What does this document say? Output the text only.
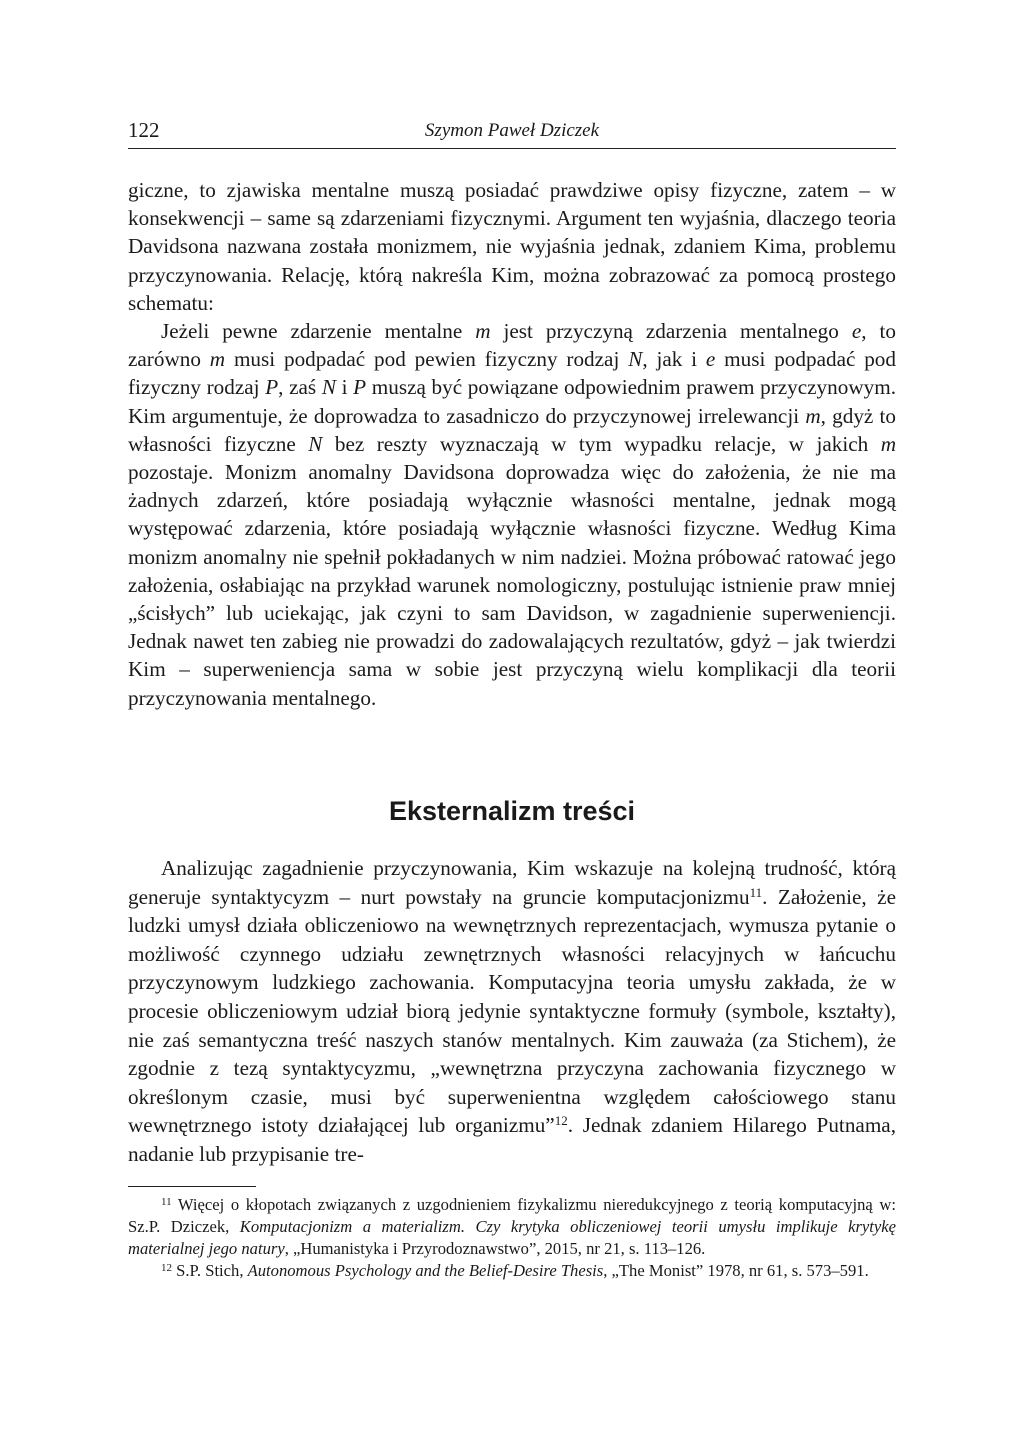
122	Szymon Paweł Dziczek

giczne, to zjawiska mentalne muszą posiadać prawdziwe opisy fizyczne, zatem – w konsekwencji – same są zdarzeniami fizycznymi. Argument ten wyjaśnia, dlaczego teoria Davidsona nazwana została monizmem, nie wyjaśnia jednak, zdaniem Kima, problemu przyczynowania. Relację, którą nakreśla Kim, można zobrazować za pomocą prostego schematu:

Jeżeli pewne zdarzenie mentalne m jest przyczyną zdarzenia mentalnego e, to zarówno m musi podpadać pod pewien fizyczny rodzaj N, jak i e musi podpadać pod fizyczny rodzaj P, zaś N i P muszą być powiązane odpowiednim prawem przyczynowym. Kim argumentuje, że doprowadza to zasadniczo do przyczynowej irrelewancji m, gdyż to własności fizyczne N bez reszty wyznaczają w tym wypadku relacje, w jakich m pozostaje. Monizm anomalny Davidsona doprowadza więc do założenia, że nie ma żadnych zdarzeń, które posiadają wyłącznie własności mentalne, jednak mogą występować zdarzenia, które posiadają wyłącznie własności fizyczne. Według Kima monizm anomalny nie spełnił pokładanych w nim nadziei. Można próbować ratować jego założenia, osłabiając na przykład warunek nomologiczny, postulując istnienie praw mniej „ścisłych” lub uciekając, jak czyni to sam Davidson, w zagadnienie superweniencji. Jednak nawet ten zabieg nie prowadzi do zadowalających rezultatów, gdyż – jak twierdzi Kim – superweniencja sama w sobie jest przyczyną wielu komplikacji dla teorii przyczynowania mentalnego.

Eksternalizm treści

Analizując zagadnienie przyczynowania, Kim wskazuje na kolejną trudność, którą generuje syntaktycyzm – nurt powstały na gruncie komputacjonizmu$^{11}$. Założenie, że ludzki umysł działa obliczeniowo na wewnętrznych reprezentacjach, wymusza pytanie o możliwość czynnego udziału zewnętrznych własności relacyjnych w łańcuchu przyczynowym ludzkiego zachowania. Komputacyjna teoria umysłu zakłada, że w procesie obliczeniowym udział biorą jedynie syntaktyczne formuły (symbole, kształty), nie zaś semantyczna treść naszych stanów mentalnych. Kim zauważa (za Stichem), że zgodnie z tezą syntaktycyzmu, „wewnętrzna przyczyna zachowania fizycznego w określonym czasie, musi być superwenientna względem całościowego stanu wewnętrznego istoty działającej lub organizmu”$^{12}$. Jednak zdaniem Hilarego Putnama, nadanie lub przypisanie tre-

$^{11}$ Więcej o kłopotach związanych z uzgodnieniem fizykalizmu nieredukcyjnego z teorią komputacyjną w: Sz.P. Dziczek, Komputacjonizm a materializm. Czy krytyka obliczeniowej teorii umysłu implikuje krytykę materialnej jego natury, „Humanistyka i Przyrodoznawstwo”, 2015, nr 21, s. 113–126.

$^{12}$ S.P. Stich, Autonomous Psychology and the Belief-Desire Thesis, „The Monist” 1978, nr 61, s. 573–591.
